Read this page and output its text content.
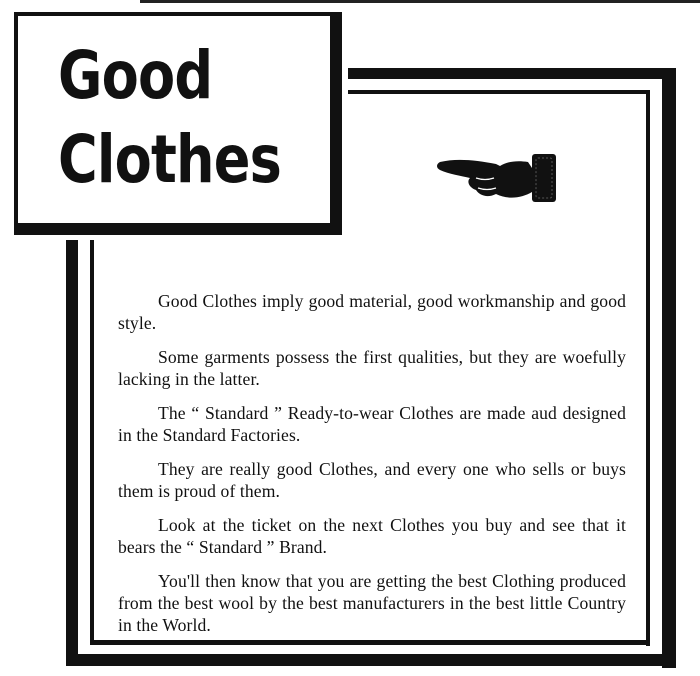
Good
Clothes

Good Clothes imply good material, good workmanship and good style.

Some garments possess the first qualities, but they are woefully lacking in the latter.

The “ Standard ” Ready-to-wear Clothes are made aud designed in the Standard Factories.

They are really good Clothes, and every one who sells or buys them is proud of them.

Look at the ticket on the next Clothes you buy and see that it bears the “ Standard ” Brand.

You'll then know that you are getting the best Clothing produced from the best wool by the best manufacturers in the best little Country in the World.
